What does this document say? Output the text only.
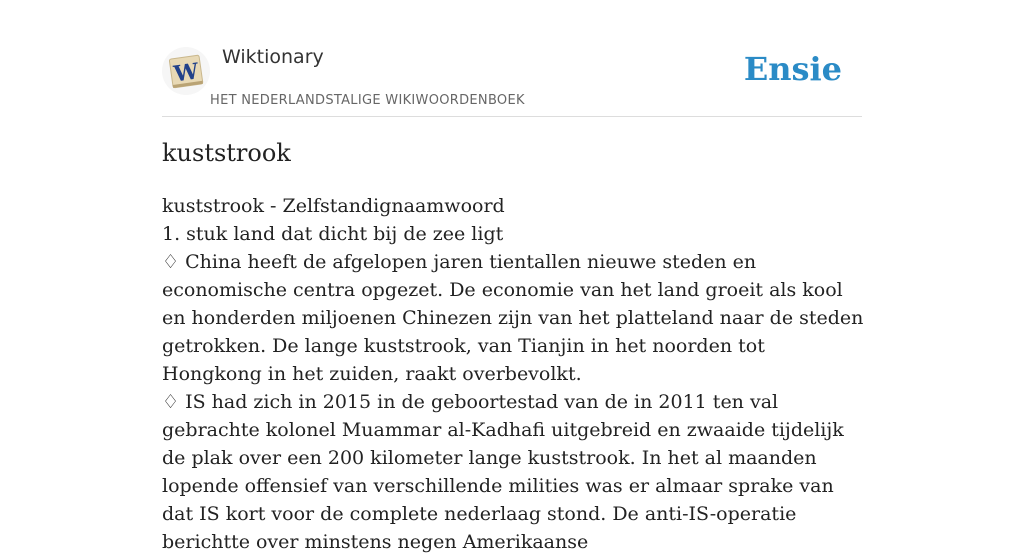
W
Wiktionary
HET NEDERLANDSTALIGE WIKIWOORDENBOEK
Ensie
kuststrook

kuststrook - Zelfstandignaamwoord

1. stuk land dat dicht bij de zee ligt

♢ China heeft de afgelopen jaren tientallen nieuwe steden en economische centra opgezet. De economie van het land groeit als kool en honderden miljoenen Chinezen zijn van het platteland naar de steden getrokken. De lange kuststrook, van Tianjin in het noorden tot Hongkong in het zuiden, raakt overbevolkt.

♢ IS had zich in 2015 in de geboortestad van de in 2011 ten val gebrachte kolonel Muammar al-Kadhafi uitgebreid en zwaaide tijdelijk de plak over een 200 kilometer lange kuststrook. In het al maanden lopende offensief van verschillende milities was er almaar sprake van dat IS kort voor de complete nederlaag stond. De anti-IS-operatie berichtte over minstens negen Amerikaanse
